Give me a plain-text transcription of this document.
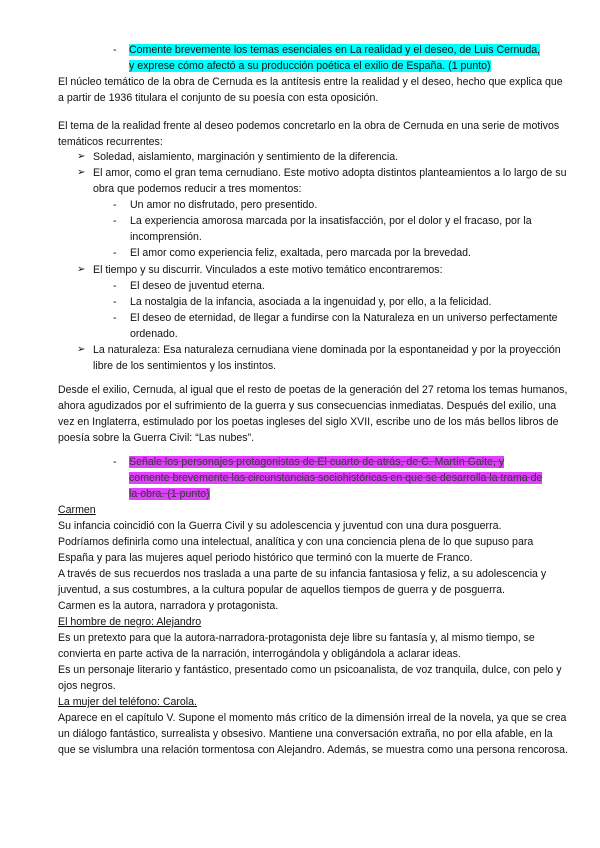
- Comente brevemente los temas esenciales en La realidad y el deseo, de Luis Cernuda,
y exprese cómo afectó a su producción poética el exilio de España. (1 punto)
El núcleo temático de la obra de Cernuda es la antítesis entre la realidad y el deseo, hecho que explica que a partir de 1936 titulara el conjunto de su poesía con esta oposición.
El tema de la realidad frente al deseo podemos concretarlo en la obra de Cernuda en una serie de motivos temáticos recurrentes:
➢ Soledad, aislamiento, marginación y sentimiento de la diferencia.
➢ El amor, como el gran tema cernudiano. Este motivo adopta distintos planteamientos a lo largo de su obra que podemos reducir a tres momentos:
-	Un amor no disfrutado, pero presentido.
-	La experiencia amorosa marcada por la insatisfacción, por el dolor y el fracaso, por la incomprensión.
-	El amor como experiencia feliz, exaltada, pero marcada por la brevedad.
➢ El tiempo y su discurrir. Vinculados a este motivo temático encontraremos:
-	El deseo de juventud eterna.
-	La nostalgia de la infancia, asociada a la ingenuidad y, por ello, a la felicidad.
-	El deseo de eternidad, de llegar a fundirse con la Naturaleza en un universo perfectamente ordenado.
➢ La naturaleza: Esa naturaleza cernudiana viene dominada por la espontaneidad y por la proyección libre de los sentimientos y los instintos.
Desde el exilio, Cernuda, al igual que el resto de poetas de la generación del 27 retoma los temas humanos, ahora agudizados por el sufrimiento de la guerra y sus consecuencias inmediatas. Después del exilio, una vez en Inglaterra, estimulado por los poetas ingleses del siglo XVII, escribe uno de los más bellos libros de poesía sobre la Guerra Civil: “Las nubes”.
- Señale los personajes protagonistas de El cuarto de atrás, de C. Martín Gaite, y
comente brevemente las circunstancias sociohistóricas en que se desarrolla la trama de
la obra. (1 punto)
Carmen
Su infancia coincidió con la Guerra Civil y su adolescencia y juventud con una dura posguerra.
Podríamos definirla como una intelectual, analítica y con una conciencia plena de lo que supuso para España y para las mujeres aquel periodo histórico que terminó con la muerte de Franco.
A través de sus recuerdos nos traslada a una parte de su infancia fantasiosa y feliz, a su adolescencia y juventud, a sus costumbres, a la cultura popular de aquellos tiempos de guerra y de posguerra.
Carmen es la autora, narradora y protagonista.
El hombre de negro: Alejandro
Es un pretexto para que la autora-narradora-protagonista deje libre su fantasía y, al mismo tiempo, se convierta en parte activa de la narración, interrogándola y obligándola a aclarar ideas.
Es un personaje literario y fantástico, presentado como un psicoanalista, de voz tranquila, dulce, con pelo y ojos negros.
La mujer del teléfono: Carola.
Aparece en el capítulo V. Supone el momento más crítico de la dimensión irreal de la novela, ya que se crea un diálogo fantástico, surrealista y obsesivo. Mantiene una conversación extraña, no por ella afable, en la que se vislumbra una relación tormentosa con Alejandro. Además, se muestra como una persona rencorosa.
